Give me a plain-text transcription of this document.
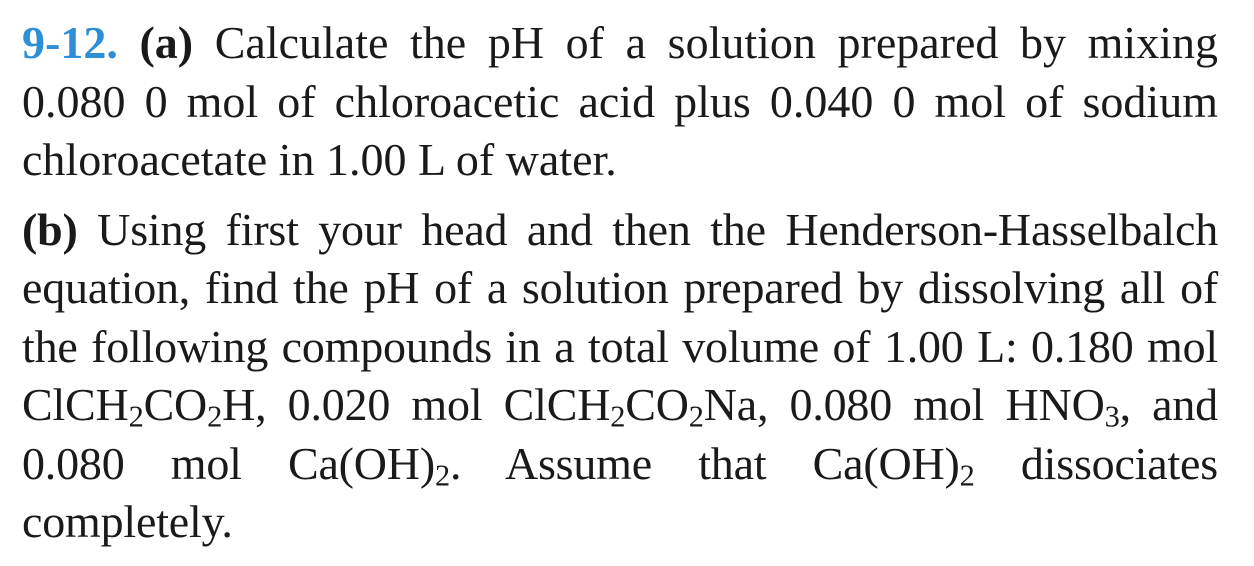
9-12. (a) Calculate the pH of a solution prepared by mixing 0.080 0 mol of chloroacetic acid plus 0.040 0 mol of sodium chloroacetate in 1.00 L of water.

(b) Using first your head and then the Henderson-Hasselbalch equation, find the pH of a solution prepared by dissolving all of the following compounds in a total volume of 1.00 L: 0.180 mol $ClCH_2CO_2H$, 0.020 mol $ClCH_2CO_2Na$, 0.080 mol $HNO_3$, and 0.080 mol $Ca(OH)_2$. Assume that $Ca(OH)_2$ dissociates completely.
